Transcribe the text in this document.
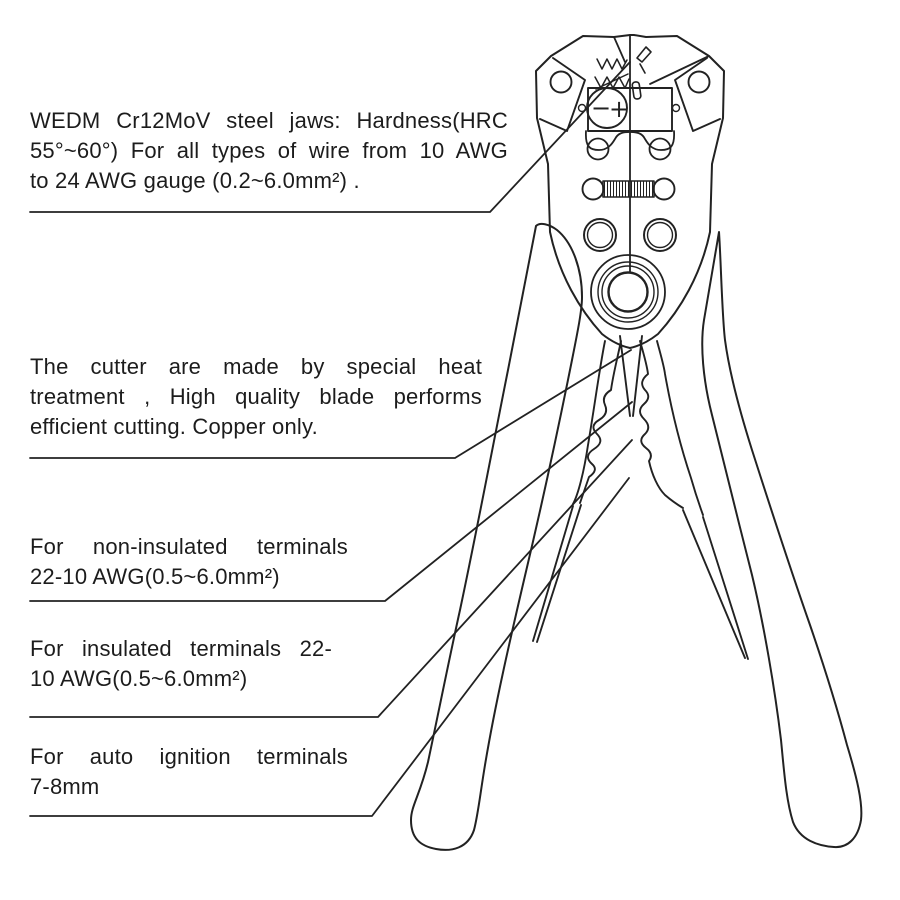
−
+
WEDM Cr12MoV steel jaws: Hardness(HRC
55°~60°) For all types of wire from 10 AWG
to 24 AWG gauge (0.2~6.0mm²) .
The cutter are made by special heat
treatment , High quality blade performs
efficient cutting. Copper only.
For non-insulated terminals
22-10 AWG(0.5~6.0mm²)
For insulated terminals 22-
10 AWG(0.5~6.0mm²)
For auto ignition terminals
7-8mm
